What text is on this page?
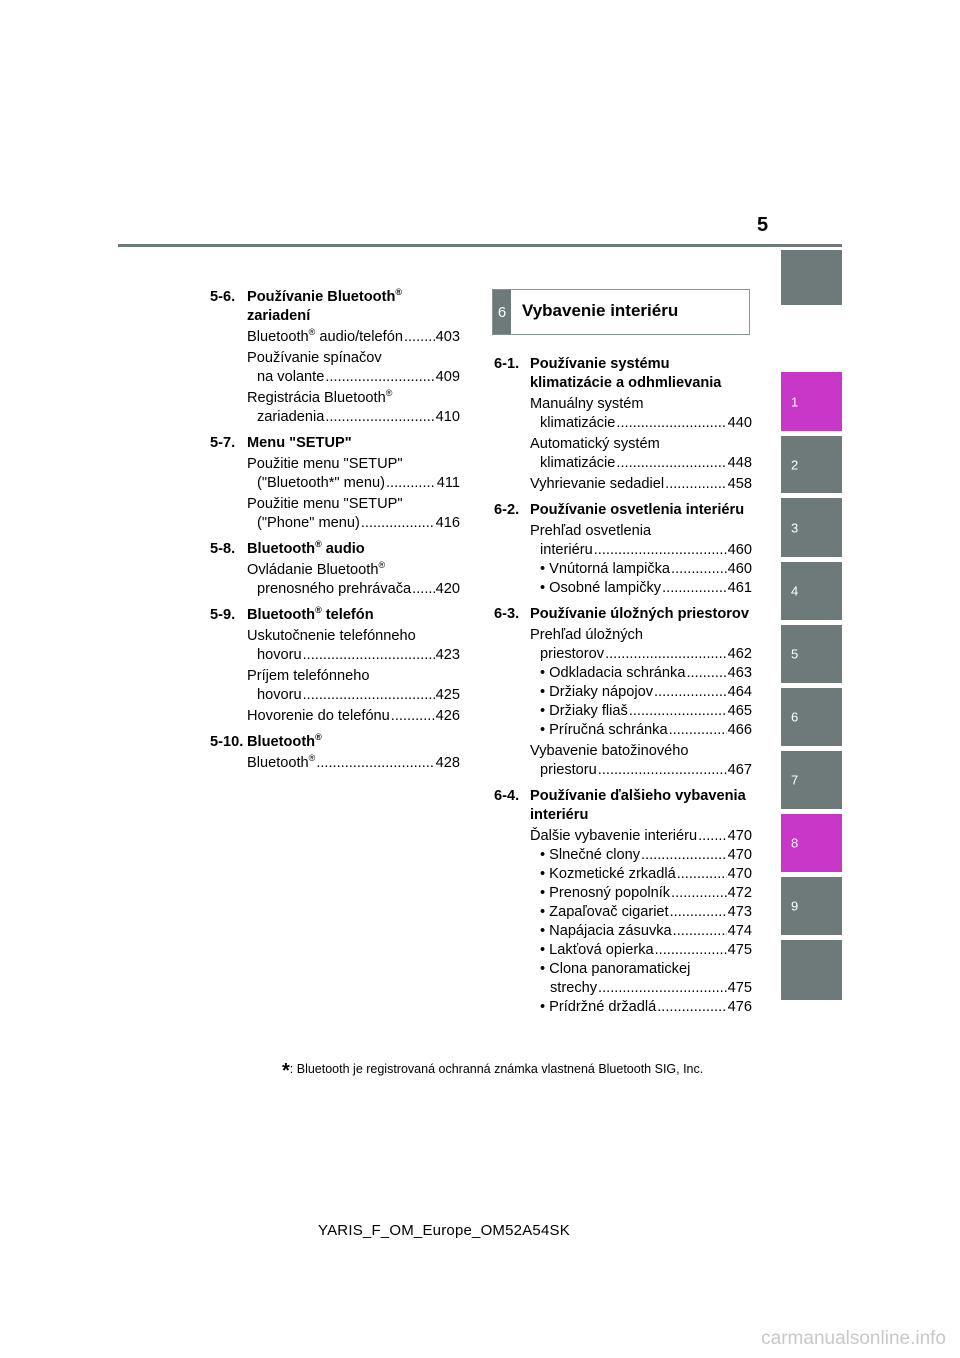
5
1
2
3
4
5
6
7
8
9
5-6. Používanie Bluetooth®
zariadení
Bluetooth® audio/telefón ..... 403
Používanie spínačov
na volante .....	409
Registrácia Bluetooth®
zariadenia .....	410
5-7. Menu "SETUP"
Použitie menu "SETUP"
("Bluetooth*" menu) .....	411
Použitie menu "SETUP"
("Phone" menu) .....	416
5-8. Bluetooth® audio
Ovládanie Bluetooth®
prenosného prehrávača ..... 420
5-9. Bluetooth® telefón
Uskutočnenie telefónneho
hovoru .....	423
Príjem telefónneho
hovoru .....	425
Hovorenie do telefónu .....	426
5-10. Bluetooth®
Bluetooth® .....	428
6 Vybavenie interiéru
6-1. Používanie systému klimatizácie a odhmlievania
Manuálny systém
klimatizácie .....	440
Automatický systém
klimatizácie .....	448
Vyhrievanie sedadiel .....	458
6-2. Používanie osvetlenia interiéru
Prehľad osvetlenia
interiéru .....	460
• Vnútorná lampička .....	460
• Osobné lampičky .....	461
6-3. Používanie úložných priestorov
Prehľad úložných
priestorov .....	462
• Odkladacia schránka .....	463
• Držiaky nápojov .....	464
• Držiaky fliaš .....	465
• Príručná schránka .....	466
Vybavenie batožinového
priestoru .....	467
6-4. Používanie ďalšieho vybavenia interiéru
Ďalšie vybavenie interiéru ..... 470
• Slnečné clony .....	470
• Kozmetické zrkadlá .....	470
• Prenosný popolník .....	472
• Zapaľovač cigariet .....	473
• Napájacia zásuvka .....	474
• Lakťová opierka .....	475
• Clona panoramatickej
strechy .....	475
• Prídržné držadlá .....	476
*: Bluetooth je registrovaná ochranná známka vlastnená Bluetooth SIG, Inc.
YARIS_F_OM_Europe_OM52A54SK
carmanualsonline.info
